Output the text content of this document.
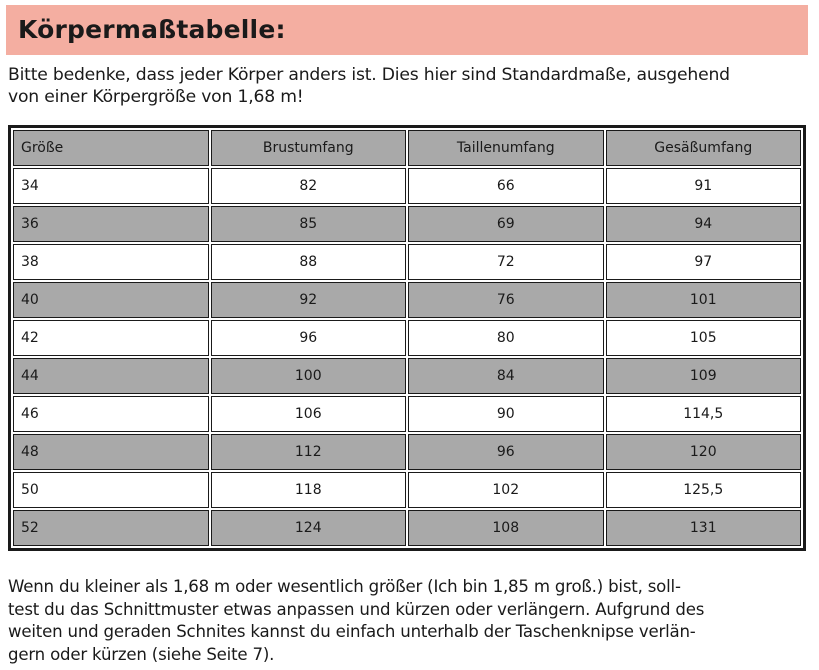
Körpermaßtabelle:

Bitte bedenke, dass jeder Körper anders ist. Dies hier sind Standardmaße, ausgehend

von einer Körpergröße von 1,68 m!

Größe	Brustumfang	Taillenumfang	Gesäßumfang
34	82	66	91
36	85	69	94
38	88	72	97
40	92	76	101
42	96	80	105
44	100	84	109
46	106	90	114,5
48	112	96	120
50	118	102	125,5
52	124	108	131

Wenn du kleiner als 1,68 m oder wesentlich größer (Ich bin 1,85 m groß.) bist, soll-

test du das Schnittmuster etwas anpassen und kürzen oder verlängern. Aufgrund des

weiten und geraden Schnites kannst du einfach unterhalb der Taschenknipse verlän-

gern oder kürzen (siehe Seite 7).
